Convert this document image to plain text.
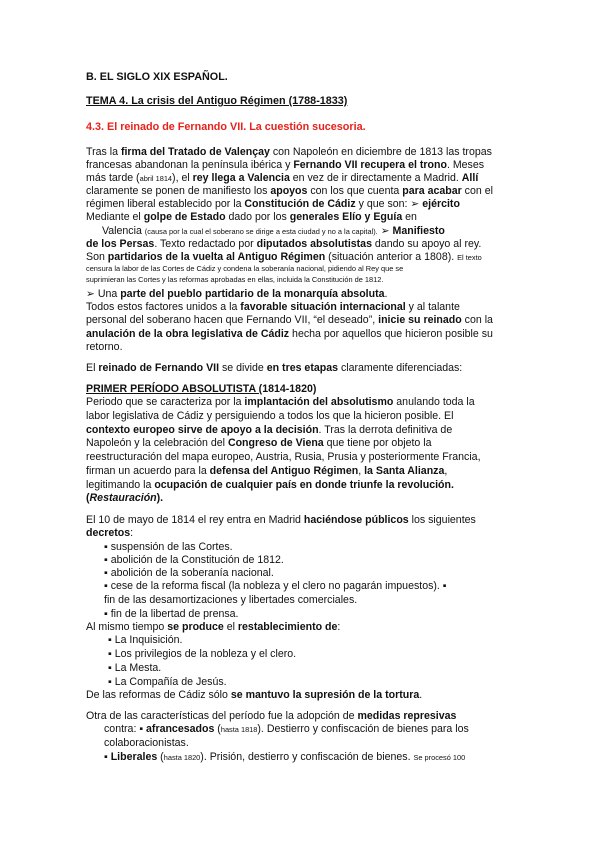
B. EL SIGLO XIX ESPAÑOL.
TEMA 4. La crisis del Antiguo Régimen (1788-1833)
4.3. El reinado de Fernando VII. La cuestión sucesoria.
Tras la firma del Tratado de Valençay con Napoleón en diciembre de 1813 las tropas
francesas abandonan la península ibérica y Fernando VII recupera el trono. Meses
más tarde (abril 1814), el rey llega a Valencia en vez de ir directamente a Madrid. Allí
claramente se ponen de manifiesto los apoyos con los que cuenta para acabar con el
régimen liberal establecido por la Constitución de Cádiz y que son: ➢ ejército
Mediante el golpe de Estado dado por los generales Elío y Eguía en
Valencia (causa por la cual el soberano se dirige a esta ciudad y no a la capital). ➢ Manifiesto
de los Persas. Texto redactado por diputados absolutistas dando su apoyo al rey.
Son partidarios de la vuelta al Antiguo Régimen (situación anterior a 1808). El texto
censura la labor de las Cortes de Cádiz y condena la soberanía nacional, pidiendo al Rey que se
suprimieran las Cortes y las reformas aprobadas en ellas, incluida la Constitución de 1812.
➢ Una parte del pueblo partidario de la monarquía absoluta.
Todos estos factores unidos a la favorable situación internacional y al talante
personal del soberano hacen que Fernando VII, “el deseado”, inicie su reinado con la
anulación de la obra legislativa de Cádiz hecha por aquellos que hicieron posible su
retorno.
El reinado de Fernando VII se divide en tres etapas claramente diferenciadas:
PRIMER PERÍODO ABSOLUTISTA (1814-1820)
Periodo que se caracteriza por la implantación del absolutismo anulando toda la
labor legislativa de Cádiz y persiguiendo a todos los que la hicieron posible. El
contexto europeo sirve de apoyo a la decisión. Tras la derrota definitiva de
Napoleón y la celebración del Congreso de Viena que tiene por objeto la
reestructuración del mapa europeo, Austria, Rusia, Prusia y posteriormente Francia,
firman un acuerdo para la defensa del Antiguo Régimen, la Santa Alianza,
legitimando la ocupación de cualquier país en donde triunfe la revolución.
(Restauración).
El 10 de mayo de 1814 el rey entra en Madrid haciéndose públicos los siguientes
decretos:
▪ suspensión de las Cortes.
▪ abolición de la Constitución de 1812.
▪ abolición de la soberanía nacional.
▪ cese de la reforma fiscal (la nobleza y el clero no pagarán impuestos). ▪
fin de las desamortizaciones y libertades comerciales.
▪ fin de la libertad de prensa.
Al mismo tiempo se produce el restablecimiento de:
▪ La Inquisición.
▪ Los privilegios de la nobleza y el clero.
▪ La Mesta.
▪ La Compañía de Jesús.
De las reformas de Cádiz sólo se mantuvo la supresión de la tortura.
Otra de las características del período fue la adopción de medidas represivas
contra: ▪ afrancesados (hasta 1818). Destierro y confiscación de bienes para los
colaboracionistas.
▪ Liberales (hasta 1820). Prisión, destierro y confiscación de bienes. Se procesó 100
